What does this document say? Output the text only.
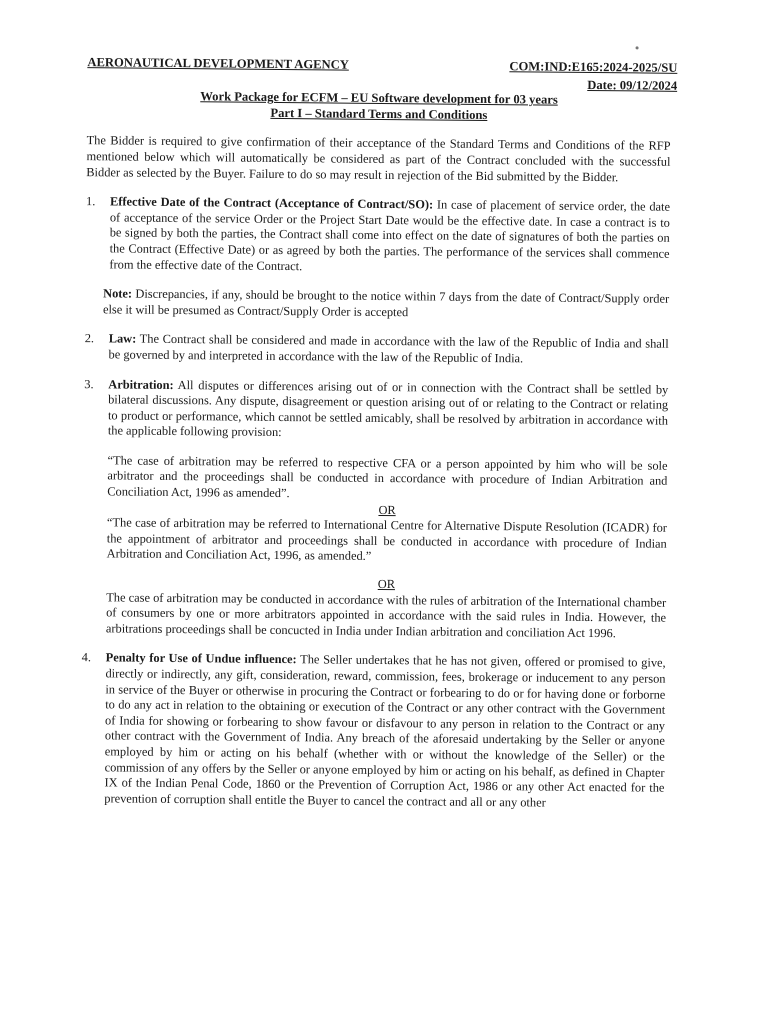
AERONAUTICAL DEVELOPMENT AGENCY	COM:IND:E165:2024-2025/SU
Date: 09/12/2024
Work Package for ECFM – EU Software development for 03 years
Part I – Standard Terms and Conditions

The Bidder is required to give confirmation of their acceptance of the Standard Terms and Conditions of the RFP mentioned below which will automatically be considered as part of the Contract concluded with the successful Bidder as selected by the Buyer. Failure to do so may result in rejection of the Bid submitted by the Bidder.

1.	Effective Date of the Contract (Acceptance of Contract/SO): In case of placement of service order, the date of acceptance of the service Order or the Project Start Date would be the effective date. In case a contract is to be signed by both the parties, the Contract shall come into effect on the date of signatures of both the parties on the Contract (Effective Date) or as agreed by both the parties. The performance of the services shall commence from the effective date of the Contract.

Note: Discrepancies, if any, should be brought to the notice within 7 days from the date of Contract/Supply order else it will be presumed as Contract/Supply Order is accepted

2.	Law: The Contract shall be considered and made in accordance with the law of the Republic of India and shall be governed by and interpreted in accordance with the law of the Republic of India.
3.	Arbitration: All disputes or differences arising out of or in connection with the Contract shall be settled by bilateral discussions. Any dispute, disagreement or question arising out of or relating to the Contract or relating to product or performance, which cannot be settled amicably, shall be resolved by arbitration in accordance with the applicable following provision:

“The case of arbitration may be referred to respective CFA or a person appointed by him who will be sole arbitrator and the proceedings shall be conducted in accordance with procedure of Indian Arbitration and Conciliation Act, 1996 as amended”.

OR

“The case of arbitration may be referred to International Centre for Alternative Dispute Resolution (ICADR) for the appointment of arbitrator and proceedings shall be conducted in accordance with procedure of Indian Arbitration and Conciliation Act, 1996, as amended.”

OR

The case of arbitration may be conducted in accordance with the rules of arbitration of the International chamber of consumers by one or more arbitrators appointed in accordance with the said rules in India. However, the arbitrations proceedings shall be concucted in India under Indian arbitration and conciliation Act 1996.

4.	Penalty for Use of Undue influence: The Seller undertakes that he has not given, offered or promised to give, directly or indirectly, any gift, consideration, reward, commission, fees, brokerage or inducement to any person in service of the Buyer or otherwise in procuring the Contract or forbearing to do or for having done or forborne to do any act in relation to the obtaining or execution of the Contract or any other contract with the Government of India for showing or forbearing to show favour or disfavour to any person in relation to the Contract or any other contract with the Government of India. Any breach of the aforesaid undertaking by the Seller or anyone employed by him or acting on his behalf (whether with or without the knowledge of the Seller) or the commission of any offers by the Seller or anyone employed by him or acting on his behalf, as defined in Chapter IX of the Indian Penal Code, 1860 or the Prevention of Corruption Act, 1986 or any other Act enacted for the prevention of corruption shall entitle the Buyer to cancel the contract and all or any other
